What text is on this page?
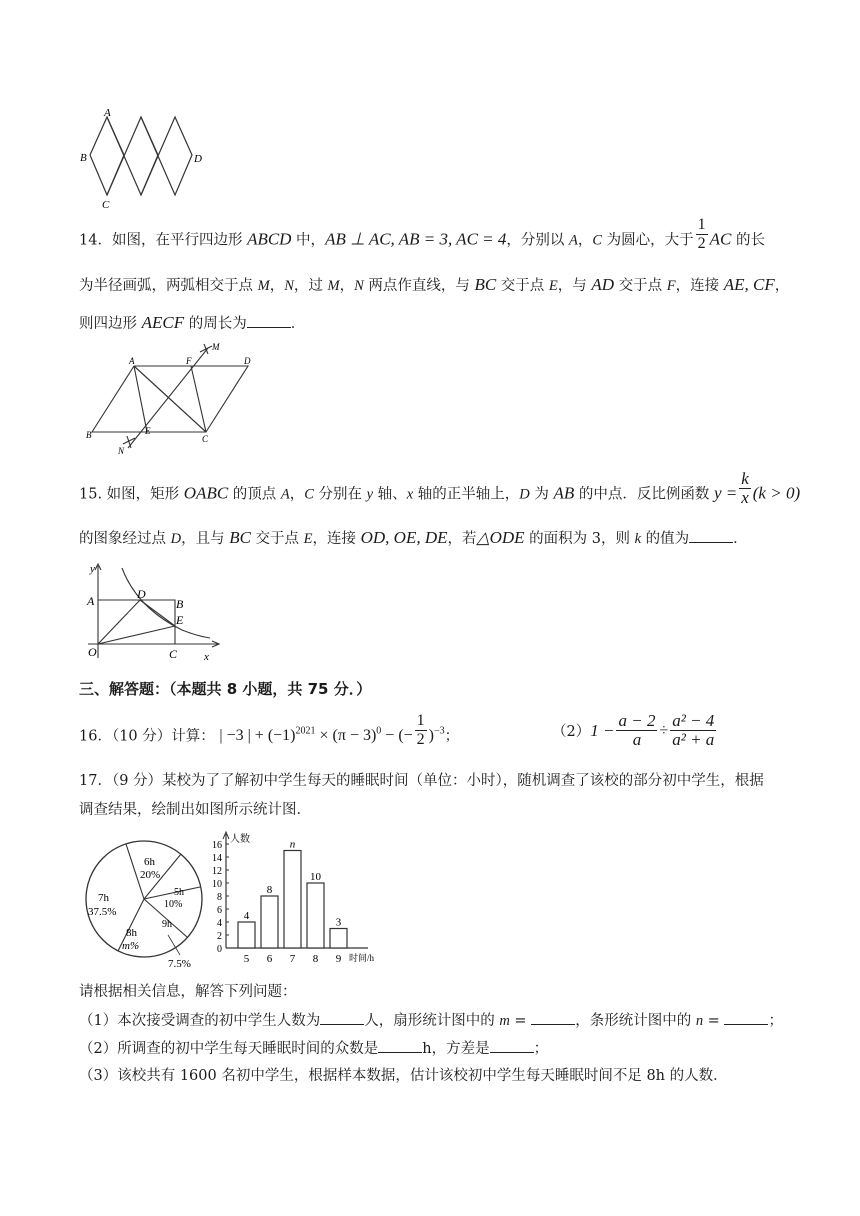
A
B
C
D
14．如图，在平行四边形 ABCD 中，AB ⊥ AC, AB = 3, AC = 4，分别以 A，C 为圆心，大于 $\frac{1}{2}$ AC 的长
为半径画弧，两弧相交于点 M，N，过 M，N 两点作直线，与 BC 交于点 E，与 AD 交于点 F，连接 AE, CF，
则四边形 AECF 的周长为	．
A	F
M
D
B	E
C
N
15. 如图，矩形 OABC 的顶点 A，C 分别在 y 轴、x 轴的正半轴上，D 为 AB 的中点．反比例函数 $y = \frac{k}{x} (k > 0)$
的图象经过点 D，且与 BC 交于点 E，连接 OD, OE, DE，若△ODE 的面积为 3，则 k 的值为	．
y
A	D
B
E
O	C x
三、解答题：（本题共 8 小题，共 75 分．）
16．（10 分）计算： | −3 | + $(-1)^{2021} \times (\pi - 3)^0$ − (− $\frac{1}{2} )^{-3}$；	（2） $1 - \frac{a - 2}{a} \div \frac{\text{a² − 4}}{\text{a² + a}}$
17．（9 分）某校为了了解初中学生每天的睡眠时间（单位：小时），随机调查了该校的部分初中学生，根据
调查结果，绘制出如图所示统计图．
6h
20%
5h
10%
9h
8h
m%
7h
37.5%
7.5%
人数
0
2
4
6
8
10
12
14
16
4
5
8
6
n
7
10
8
3
9 时间/h
请根据相关信息，解答下列问题：
（1）本次接受调查的初中学生人数为	人，扇形统计图中的 m =	，条形统计图中的 n =	；
（2）所调查的初中学生每天睡眠时间的众数是	h，方差是	；
（3）该校共有 1600 名初中学生，根据样本数据，估计该校初中学生每天睡眠时间不足 8h 的人数．
